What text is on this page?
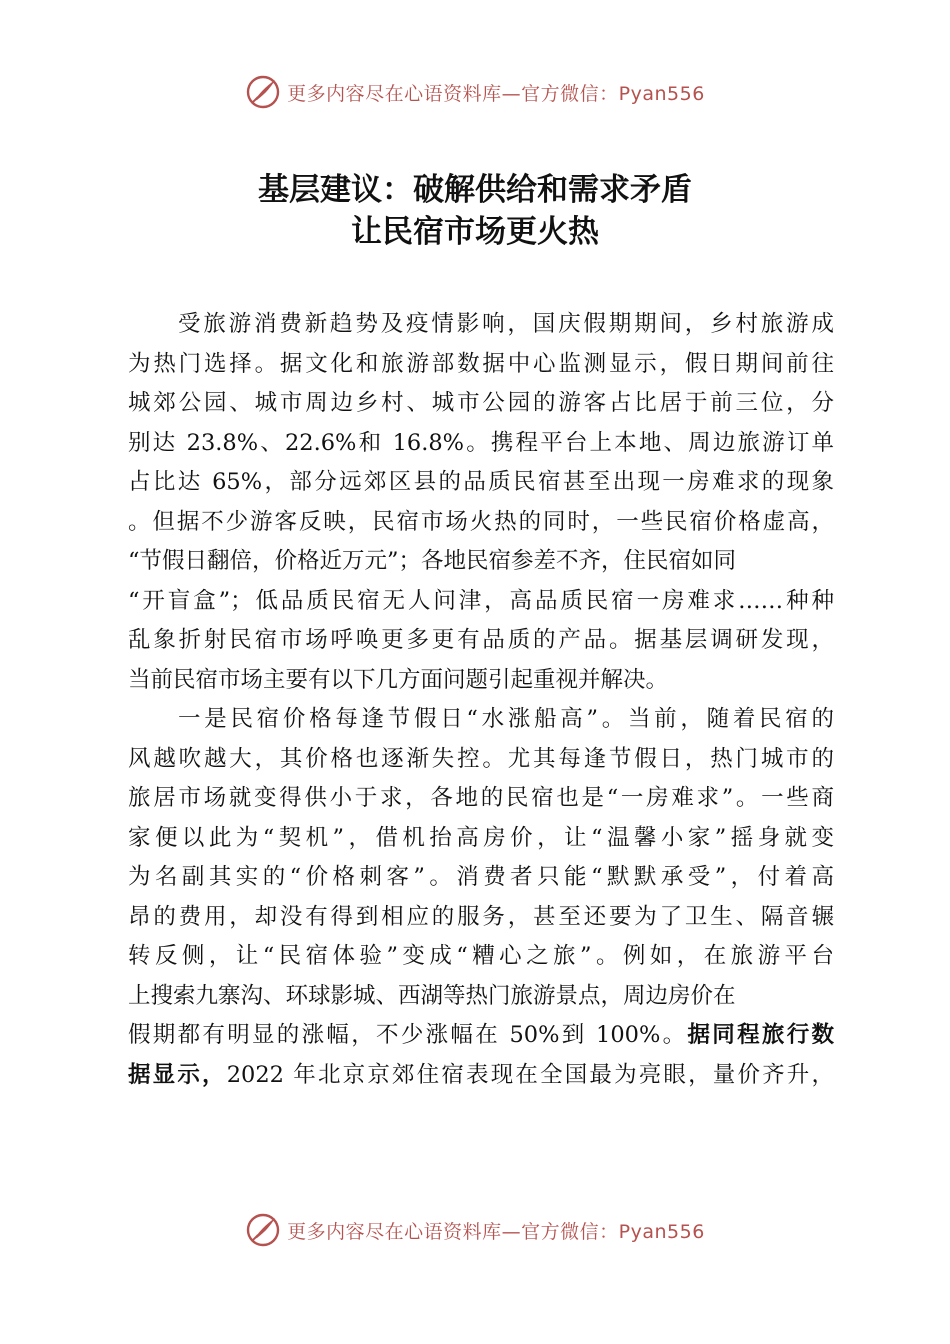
更多内容尽在心语资料库—官方微信：Pyan556
基层建议：破解供给和需求矛盾
让民宿市场更火热
受旅游消费新趋势及疫情影响，国庆假期期间，乡村旅游成
为热门选择。据文化和旅游部数据中心监测显示，假日期间前往
城郊公园、城市周边乡村、城市公园的游客占比居于前三位，分
别达 23.8%、22.6%和 16.8%。携程平台上本地、周边旅游订单
占比达 65%，部分远郊区县的品质民宿甚至出现一房难求的现象
。但据不少游客反映，民宿市场火热的同时，一些民宿价格虚高，
“节假日翻倍，价格近万元”；各地民宿参差不齐，住民宿如同
“开盲盒”；低品质民宿无人问津，高品质民宿一房难求……种种
乱象折射民宿市场呼唤更多更有品质的产品。据基层调研发现，
当前民宿市场主要有以下几方面问题引起重视并解决。
一是民宿价格每逢节假日“水涨船高”。当前，随着民宿的
风越吹越大，其价格也逐渐失控。尤其每逢节假日，热门城市的
旅居市场就变得供小于求，各地的民宿也是“一房难求”。一些商
家便以此为“契机”，借机抬高房价，让“温馨小家”摇身就变
为名副其实的“价格刺客”。消费者只能“默默承受”，付着高
昂的费用，却没有得到相应的服务，甚至还要为了卫生、隔音辗
转反侧，让“民宿体验”变成“糟心之旅”。例如，在旅游平台
上搜索九寨沟、环球影城、西湖等热门旅游景点，周边房价在
假期都有明显的涨幅，不少涨幅在 50%到 100%。据同程旅行数
据显示，2022 年北京京郊住宿表现在全国最为亮眼，量价齐升，
更多内容尽在心语资料库—官方微信：Pyan556
